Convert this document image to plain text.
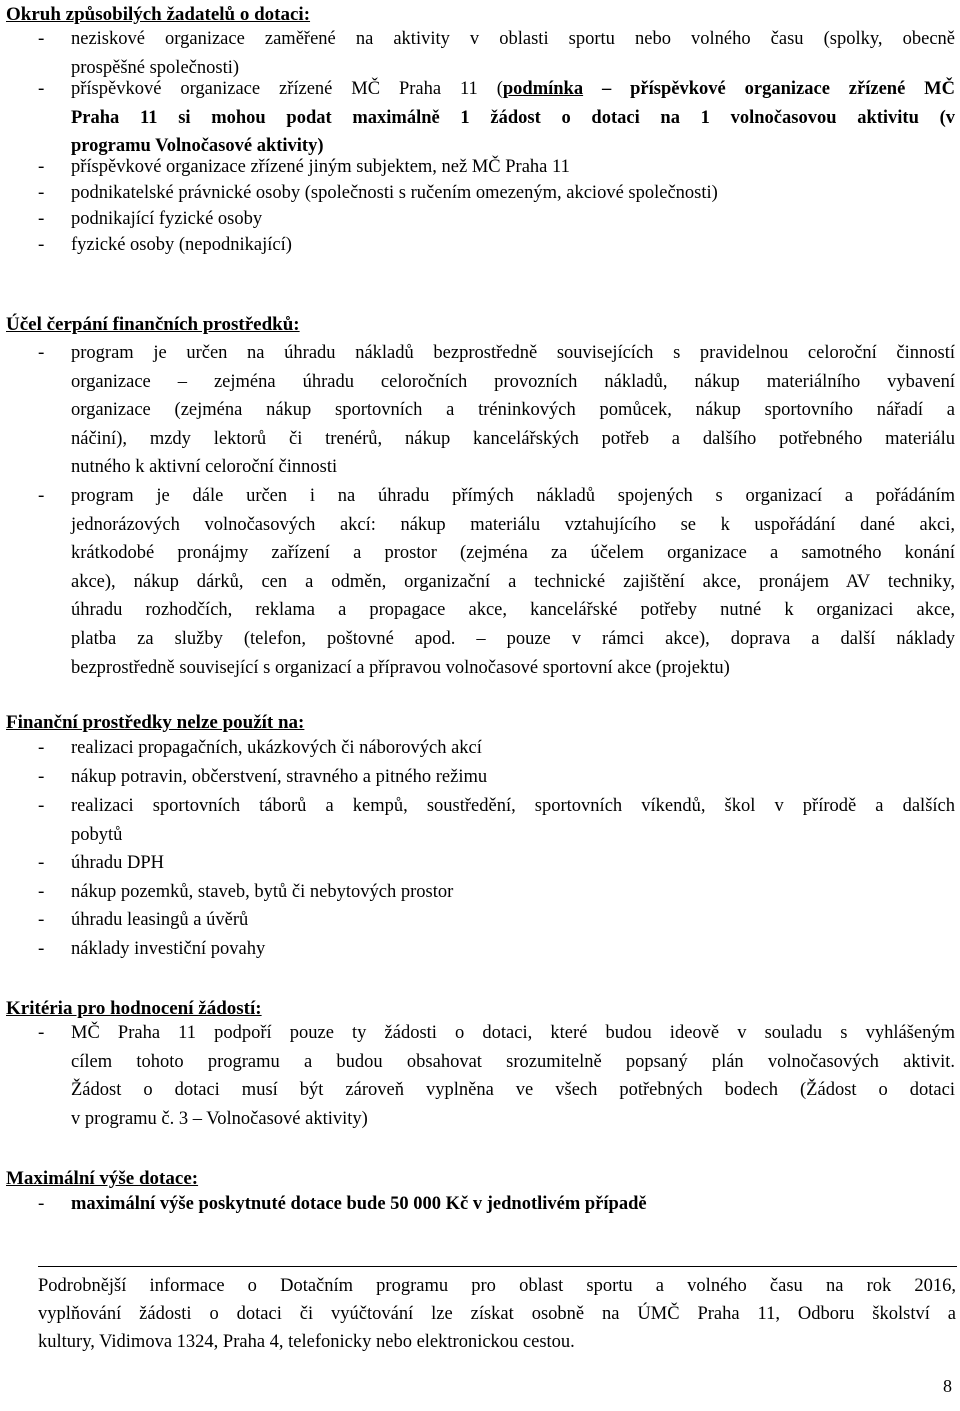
Okruh způsobilých žadatelů o dotaci:
- neziskové organizace zaměřené na aktivity v oblasti sportu nebo volného času (spolky, obecně
prospěšné společnosti)
- příspěvkové organizace zřízené MČ Praha 11 (podmínka – příspěvkové organizace zřízené MČ
Praha 11 si mohou podat maximálně 1 žádost o dotaci na 1 volnočasovou aktivitu (v
programu Volnočasové aktivity)
- příspěvkové organizace zřízené jiným subjektem, než MČ Praha 11
- podnikatelské právnické osoby (společnosti s ručením omezeným, akciové společnosti)
- podnikající fyzické osoby
- fyzické osoby (nepodnikající)
Účel čerpání finančních prostředků:
- program je určen na úhradu nákladů bezprostředně souvisejících s pravidelnou celoroční činností
organizace – zejména úhradu celoročních provozních nákladů, nákup materiálního vybavení
organizace (zejména nákup sportovních a tréninkových pomůcek, nákup sportovního nářadí a
náčiní), mzdy lektorů či trenérů, nákup kancelářských potřeb a dalšího potřebného materiálu
nutného k aktivní celoroční činnosti
- program je dále určen i na úhradu přímých nákladů spojených s organizací a pořádáním
jednorázových volnočasových akcí: nákup materiálu vztahujícího se k uspořádání dané akci,
krátkodobé pronájmy zařízení a prostor (zejména za účelem organizace a samotného konání
akce), nákup dárků, cen a odměn, organizační a technické zajištění akce, pronájem AV techniky,
úhradu rozhodčích, reklama a propagace akce, kancelářské potřeby nutné k organizaci akce,
platba za služby (telefon, poštovné apod. – pouze v rámci akce), doprava a další náklady
bezprostředně související s organizací a přípravou volnočasové sportovní akce (projektu)
Finanční prostředky nelze použít na:
- realizaci propagačních, ukázkových či náborových akcí
- nákup potravin, občerstvení, stravného a pitného režimu
- realizaci sportovních táborů a kempů, soustředění, sportovních víkendů, škol v přírodě a dalších
pobytů
- úhradu DPH
- nákup pozemků, staveb, bytů či nebytových prostor
- úhradu leasingů a úvěrů
- náklady investiční povahy
Kritéria pro hodnocení žádostí:
- MČ Praha 11 podpoří pouze ty žádosti o dotaci, které budou ideově v souladu s vyhlášeným
cílem tohoto programu a budou obsahovat srozumitelně popsaný plán volnočasových aktivit.
Žádost o dotaci musí být zároveň vyplněna ve všech potřebných bodech (Žádost o dotaci
v programu č. 3 – Volnočasové aktivity)
Maximální výše dotace:
- maximální výše poskytnuté dotace bude 50 000 Kč v jednotlivém případě
Podrobnější informace o Dotačním programu pro oblast sportu a volného času na rok 2016,
vyplňování žádosti o dotaci či vyúčtování lze získat osobně na ÚMČ Praha 11, Odboru školství a
kultury, Vidimova 1324, Praha 4, telefonicky nebo elektronickou cestou.
8
